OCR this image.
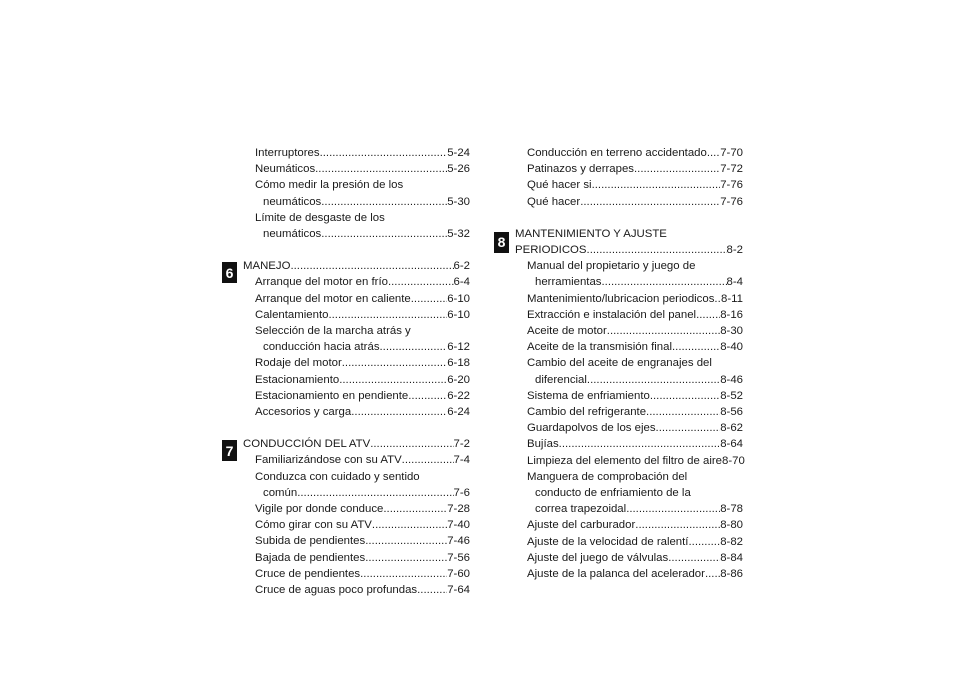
Interruptores .....	5-24
Neumáticos .....	5-26
Cómo medir la presión de los
neumáticos .....	5-30
Límite de desgaste de los
neumáticos .....	5-32
6 MANEJO .....	6-2
Arranque del motor en frío .....	6-4
Arranque del motor en caliente .....	6-10
Calentamiento .....	6-10
Selección de la marcha atrás y
conducción hacia atrás .....	6-12
Rodaje del motor .....	6-18
Estacionamiento .....	6-20
Estacionamiento en pendiente .....	6-22
Accesorios y carga .....	6-24
7 CONDUCCIÓN DEL ATV .....	7-2
Familiarizándose con su ATV .....	7-4
Conduzca con cuidado y sentido
común .....	7-6
Vigile por donde conduce .....	7-28
Cómo girar con su ATV .....	7-40
Subida de pendientes .....	7-46
Bajada de pendientes .....	7-56
Cruce de pendientes .....	7-60
Cruce de aguas poco profundas .....	7-64
Conducción en terreno accidentado ..... 7-70
Patinazos y derrapes .....	7-72
Qué hacer si... .....	7-76
Qué hacer .....	7-76
8
MANTENIMIENTO Y AJUSTE
PERIODICOS .....	8-2
Manual del propietario y juego de
herramientas .....	8-4
Mantenimiento/lubricacion periodicos ..... 8-11
Extracción e instalación del panel ..... 8-16
Aceite de motor .....	8-30
Aceite de la transmisión final .....	8-40
Cambio del aceite de engranajes del
diferencial .....	8-46
Sistema de enfriamiento .....	8-52
Cambio del refrigerante .....	8-56
Guardapolvos de los ejes .....	8-62
Bujías .....	8-64
Limpieza del elemento del filtro de aire 8-70
Manguera de comprobación del
conducto de enfriamiento de la
correa trapezoidal .....	8-78
Ajuste del carburador .....	8-80
Ajuste de la velocidad de ralentí .....	8-82
Ajuste del juego de válvulas .....	8-84
Ajuste de la palanca del acelerador ..... 8-86
